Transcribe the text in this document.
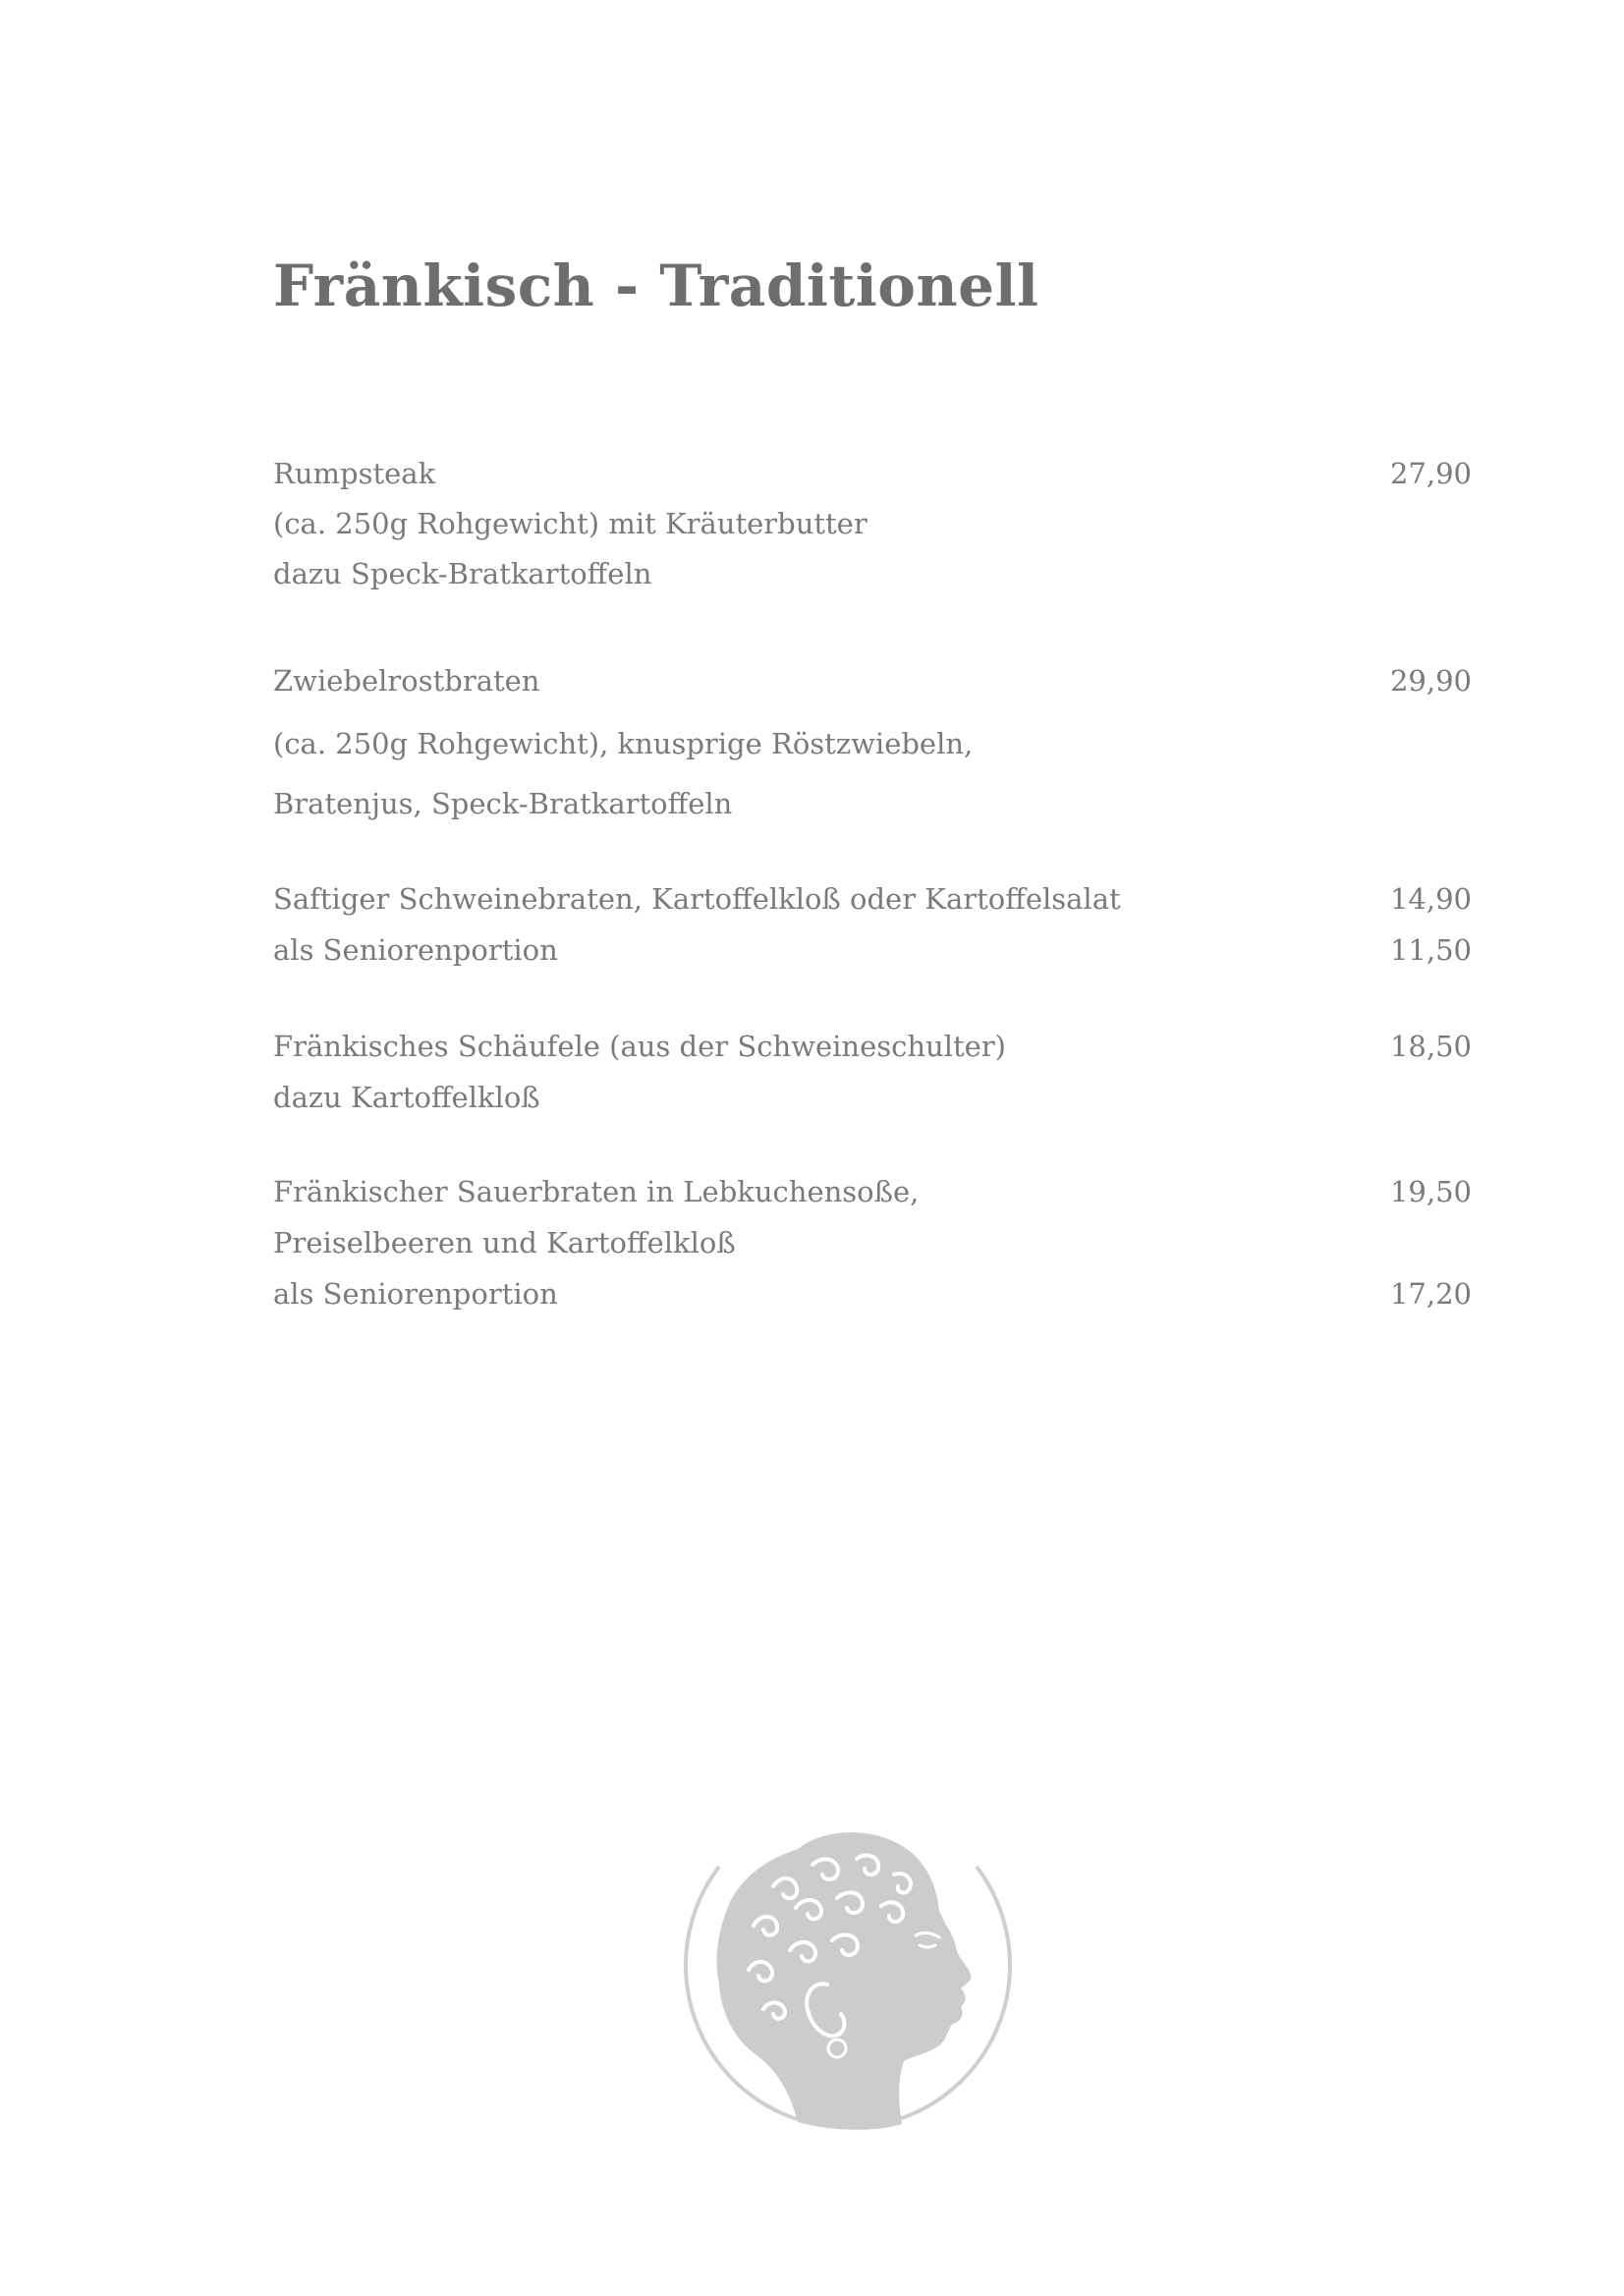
Fränkisch - Traditionell
Rumpsteak	27,90
(ca. 250g Rohgewicht) mit Kräuterbutter
dazu Speck-Bratkartoffeln
Zwiebelrostbraten	29,90
(ca. 250g Rohgewicht), knusprige Röstzwiebeln,
Bratenjus, Speck-Bratkartoffeln
Saftiger Schweinebraten, Kartoffelkloß oder Kartoffelsalat	14,90
als Seniorenportion	11,50
Fränkisches Schäufele (aus der Schweineschulter)	18,50
dazu Kartoffelkloß
Fränkischer Sauerbraten in Lebkuchensoße,	19,50
Preiselbeeren und Kartoffelkloß
als Seniorenportion	17,20
